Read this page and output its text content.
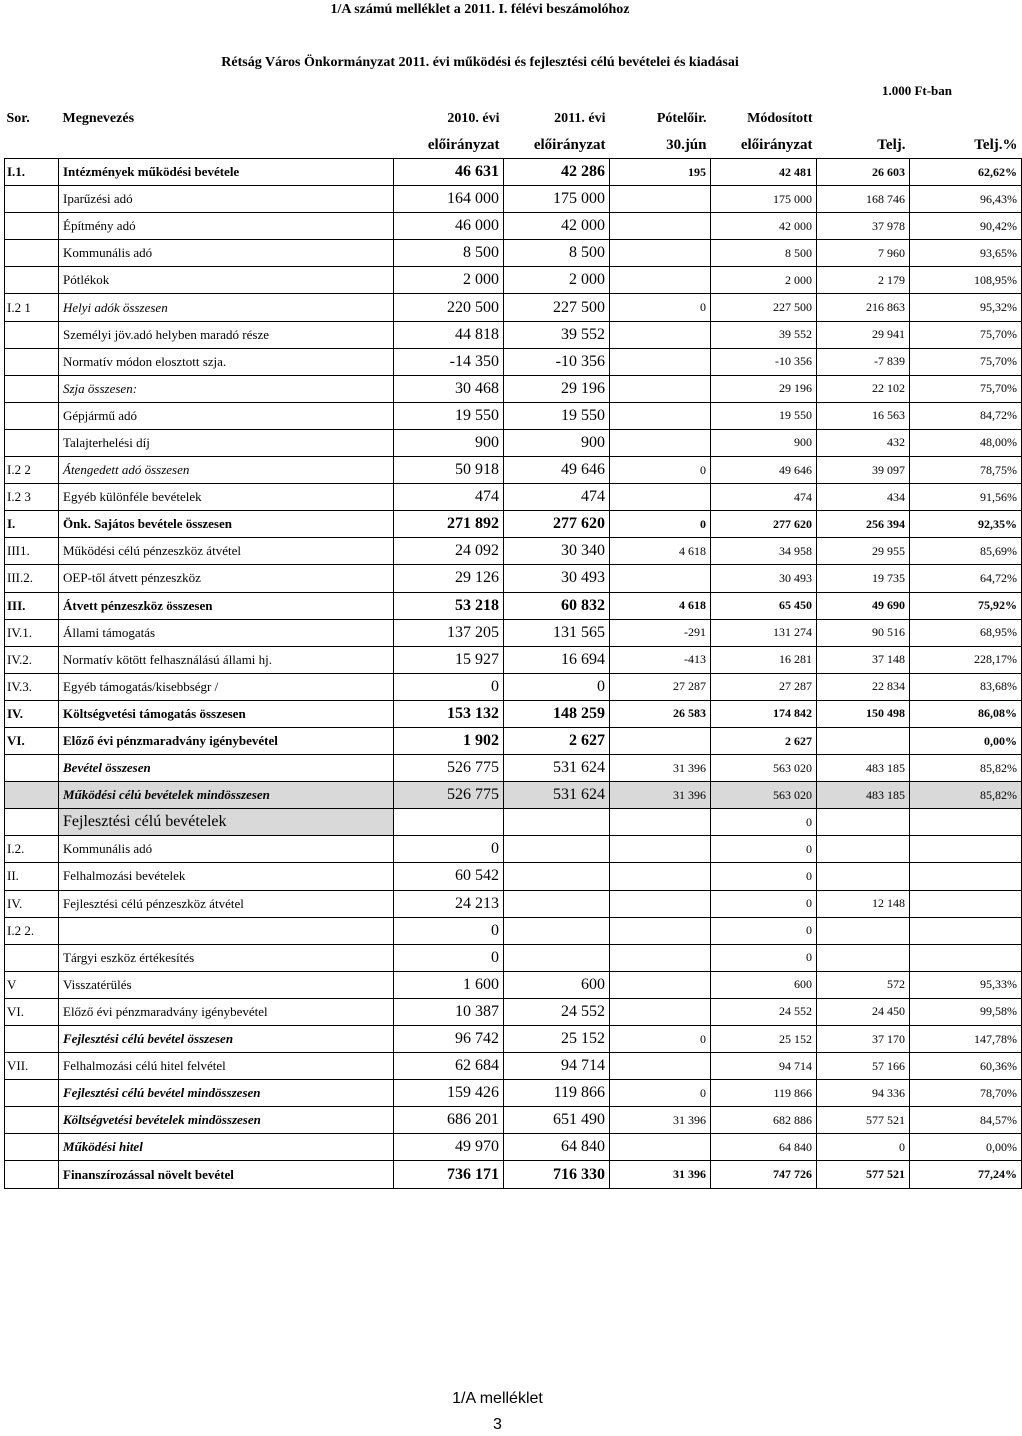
1/A számú melléklet a 2011. I. félévi beszámolóhoz
Rétság Város Önkormányzat 2011. évi működési és fejlesztési célú bevételei és kiadásai
1.000 Ft-ban
Sor.	Megnevezés	2010. évi	2011. évi	Pótelőir.	Módosított		
		előirányzat	előirányzat	30.jún	előirányzat	Telj.	Telj.%
I.1.	Intézmények működési bevétele	46 631	42 286	195	42 481	26 603	62,62%
	Iparűzési adó	164 000	175 000		175 000	168 746	96,43%
	Építmény adó	46 000	42 000		42 000	37 978	90,42%
	Kommunális adó	8 500	8 500		8 500	7 960	93,65%
	Pótlékok	2 000	2 000		2 000	2 179	108,95%
I.2 1	Helyi adók összesen	220 500	227 500	0	227 500	216 863	95,32%
	Személyi jöv.adó helyben maradó része	44 818	39 552		39 552	29 941	75,70%
	Normatív módon elosztott szja.	-14 350	-10 356		-10 356	-7 839	75,70%
	Szja összesen:	30 468	29 196		29 196	22 102	75,70%
	Gépjármű adó	19 550	19 550		19 550	16 563	84,72%
	Talajterhelési díj	900	900		900	432	48,00%
I.2 2	Átengedett adó összesen	50 918	49 646	0	49 646	39 097	78,75%
I.2 3	Egyéb különféle bevételek	474	474		474	434	91,56%
I.	Önk. Sajátos bevétele összesen	271 892	277 620	0	277 620	256 394	92,35%
III1.	Működési célú pénzeszköz átvétel	24 092	30 340	4 618	34 958	29 955	85,69%
III.2.	OEP-től átvett pénzeszköz	29 126	30 493		30 493	19 735	64,72%
III.	Átvett pénzeszköz összesen	53 218	60 832	4 618	65 450	49 690	75,92%
IV.1.	Állami támogatás	137 205	131 565	-291	131 274	90 516	68,95%
IV.2.	Normatív kötött felhasználású állami hj.	15 927	16 694	-413	16 281	37 148	228,17%
IV.3.	Egyéb támogatás/kisebbségr /	0	0	27 287	27 287	22 834	83,68%
IV.	Költségvetési támogatás összesen	153 132	148 259	26 583	174 842	150 498	86,08%
VI.	Előző évi pénzmaradvány igénybevétel	1 902	2 627		2 627		0,00%
	Bevétel összesen	526 775	531 624	31 396	563 020	483 185	85,82%
	Működési célú bevételek mindösszesen	526 775	531 624	31 396	563 020	483 185	85,82%
	Fejlesztési célú bevételek				0		
I.2.	Kommunális adó	0			0		
II.	Felhalmozási bevételek	60 542			0		
IV.	Fejlesztési célú pénzeszköz átvétel	24 213			0	12 148	
I.2 2.		0			0		
	Tárgyi eszköz értékesítés	0			0		
V	Visszatérülés	1 600	600		600	572	95,33%
VI.	Előző évi pénzmaradvány igénybevétel	10 387	24 552		24 552	24 450	99,58%
	Fejlesztési célú bevétel összesen	96 742	25 152	0	25 152	37 170	147,78%
VII.	Felhalmozási célú hitel felvétel	62 684	94 714		94 714	57 166	60,36%
	Fejlesztési célú bevétel mindösszesen	159 426	119 866	0	119 866	94 336	78,70%
	Költségvetési bevételek mindösszesen	686 201	651 490	31 396	682 886	577 521	84,57%
	Működési hitel	49 970	64 840		64 840	0	0,00%
	Finanszírozással növelt bevétel	736 171	716 330	31 396	747 726	577 521	77,24%
1/A melléklet
3
